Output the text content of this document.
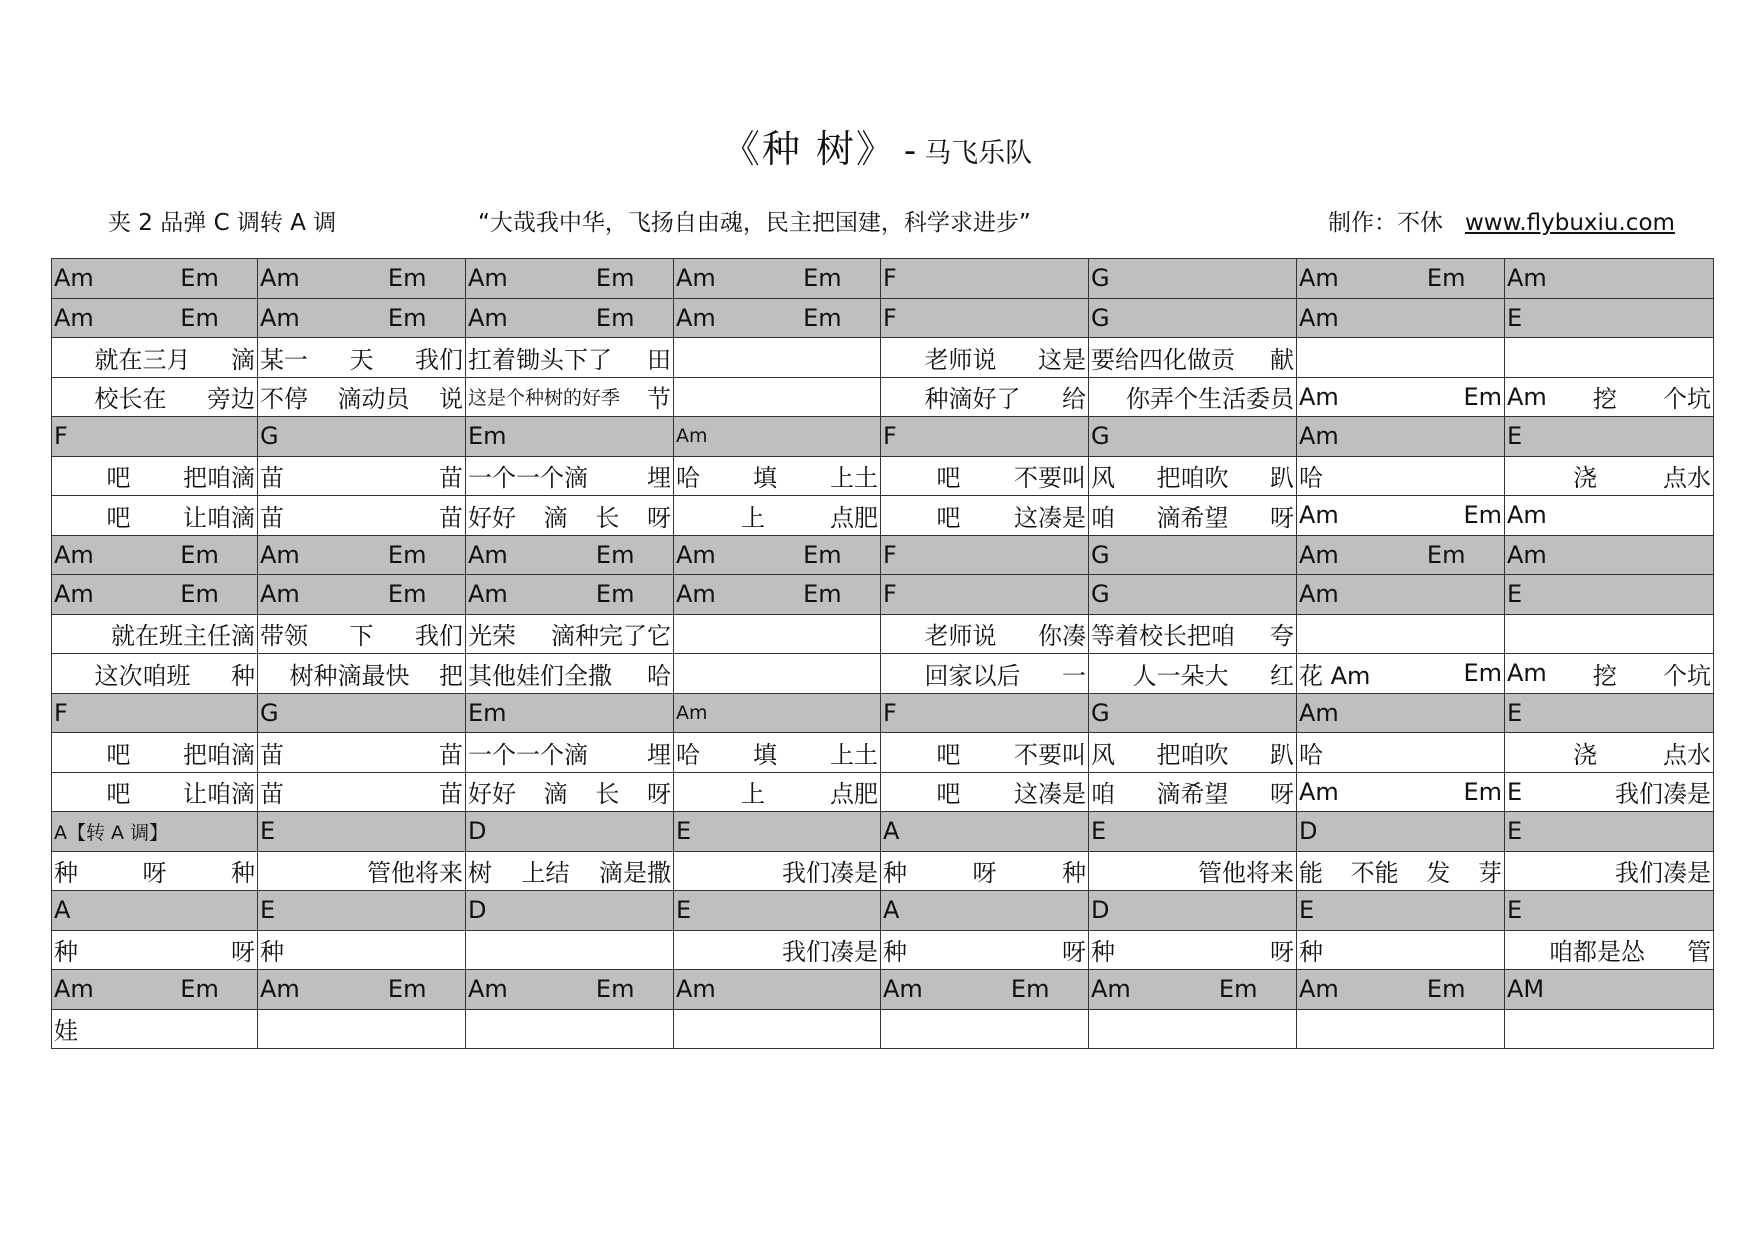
《种 树》 - 马飞乐队
夹 2 品弹 C 调转 A 调	“大哉我中华，飞扬自由魂，民主把国建，科学求进步”	制作：不休 www.flybuxiu.com
Am Em	Am Em	Am Em	Am Em	F	G	Am Em	Am

Am Em	Am Em	Am Em	Am Em	F	G	Am	E

就在三月 滴	某一 天 我们	扛着锄头下了 田		老师说 这是	要给四化做贡 献		

校长在 旁边	不停 滴动员 说	这是个种树的好季 节		种滴好了 给	你弄个生活委员	Am Em	Am 挖 个坑

F	G	Em	Am	F	G	Am	E

吧 把咱滴	苗 苗	一个一个滴 埋	哈 填 上土	吧 不要叫	风 把咱吹 趴	哈	浇 点水

吧 让咱滴	苗 苗	好好 滴 长 呀	上 点肥	吧 这凑是	咱 滴希望 呀	Am Em	Am

Am Em	Am Em	Am Em	Am Em	F	G	Am Em	Am

Am Em	Am Em	Am Em	Am Em	F	G	Am	E

就在班主任滴	带领 下 我们	光荣 滴种完了它		老师说 你凑	等着校长把咱 夸		

这次咱班 种	树种滴最快 把	其他娃们全撒 哈		回家以后 一	人一朵大 红	花 Am Em	Am 挖 个坑

F	G	Em	Am	F	G	Am	E

吧 把咱滴	苗 苗	一个一个滴 埋	哈 填 上土	吧 不要叫	风 把咱吹 趴	哈	浇 点水

吧 让咱滴	苗 苗	好好 滴 长 呀	上 点肥	吧 这凑是	咱 滴希望 呀	Am Em	E 我们凑是

A【转 A 调】	E	D	E	A	E	D	E

种 呀 种	管他将来	树 上结 滴是撒	我们凑是	种 呀 种	管他将来	能 不能 发 芽	我们凑是

A	E	D	E	A	D	E	E

种 呀	种		我们凑是	种 呀	种 呀	种	咱都是怂 管

Am Em	Am Em	Am Em	Am	Am Em	Am Em	Am Em	AM

娃							
